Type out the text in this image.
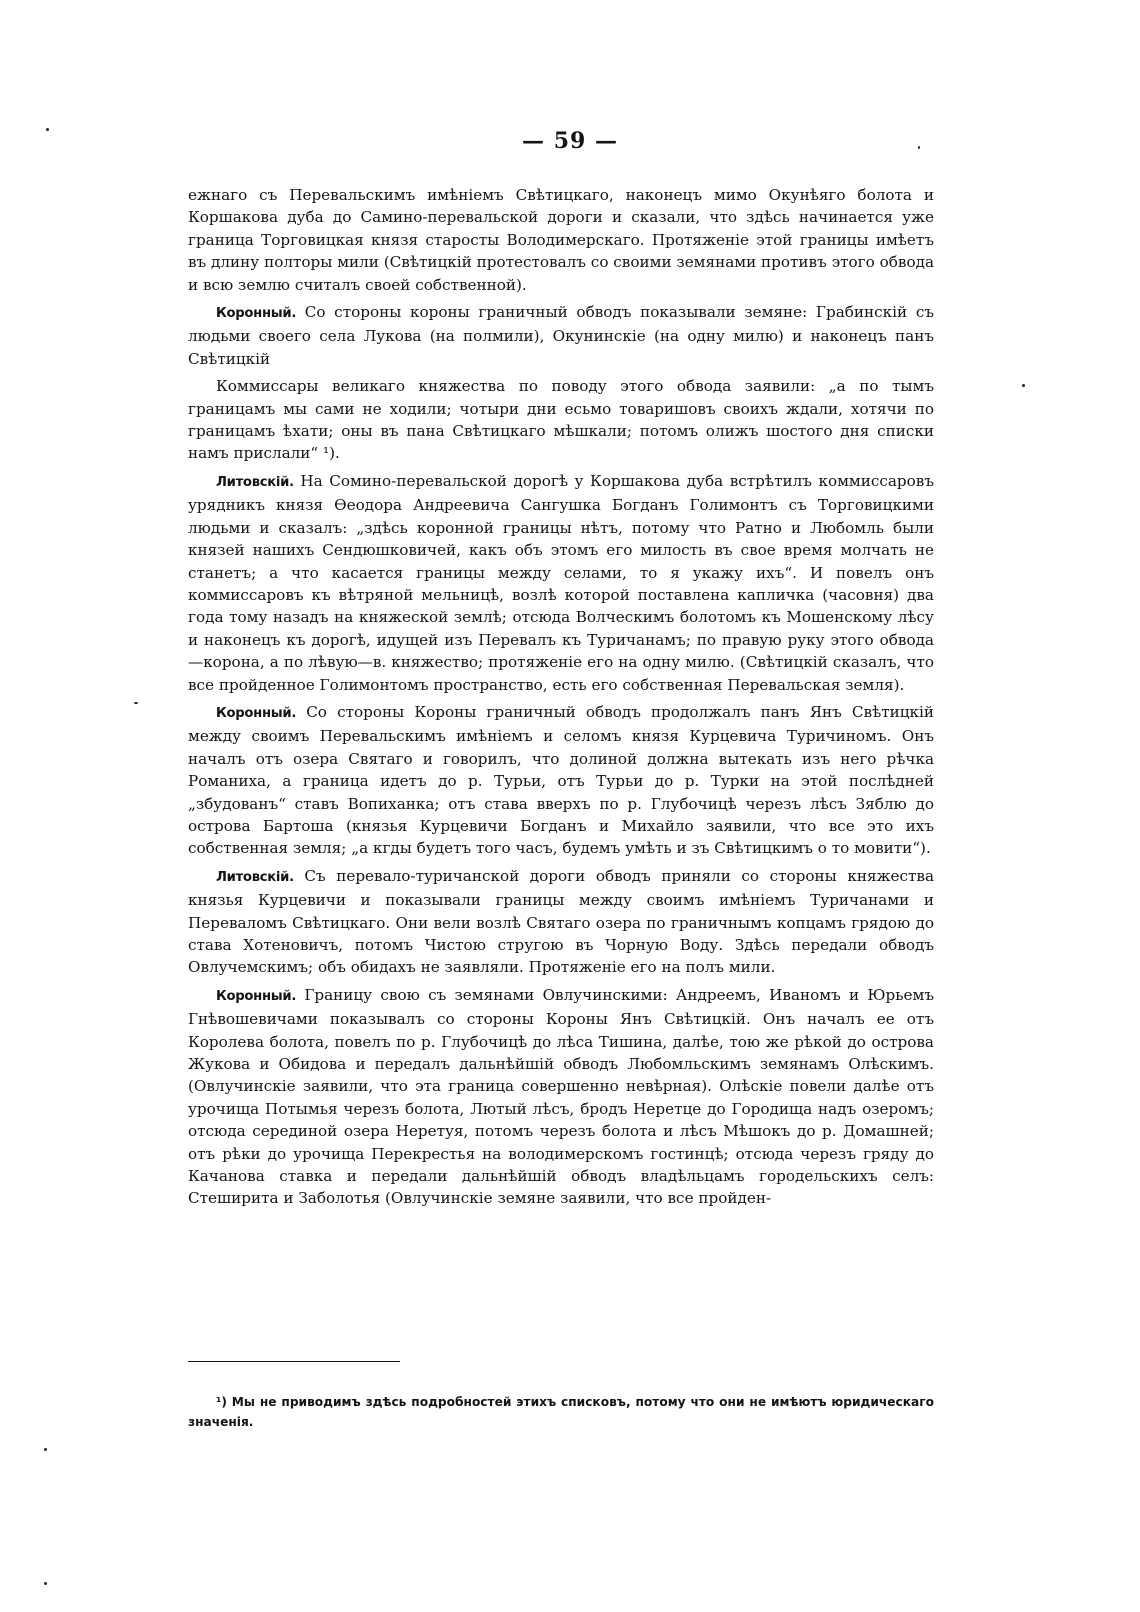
— 59 —

ежнаго съ Перевальскимъ имѣніемъ Свѣтицкаго, наконецъ мимо Окунѣяго болота и Коршакова дуба до Самино-перевальской дороги и сказали, что здѣсь начинается уже граница Торговицкая князя старосты Володимерскаго. Протяженіе этой границы имѣетъ въ длину полторы мили (Свѣтицкій протестовалъ со своими земянами противъ этого обвода и всю землю считалъ своей собственной).

Коронный. Со стороны короны граничный обводъ показывали земяне: Грабинскій съ людьми своего села Лукова (на полмили), Окунинскіе (на одну милю) и наконецъ панъ Свѣтицкій

Коммиссары великаго княжества по поводу этого обвода заявили: „а по тымъ границамъ мы сами не ходили; чотыри дни есьмо товаришовъ своихъ ждали, хотячи по границамъ ѣхати; оны въ пана Свѣтицкаго мѣшкали; потомъ олижъ шостого дня списки намъ прислали“ ¹).

Литовскій. На Сомино-перевальской дорогѣ у Коршакова дуба встрѣтилъ коммиссаровъ урядникъ князя Ѳеодора Андреевича Сангушка Богданъ Голимонтъ съ Торговицкими людьми и сказалъ: „здѣсь коронной границы нѣтъ, потому что Ратно и Любомль были князей нашихъ Сендюшковичей, какъ объ этомъ его милость въ свое время молчать не станетъ; а что касается границы между селами, то я укажу ихъ“. И повелъ онъ коммиссаровъ къ вѣтряной мельницѣ, возлѣ которой поставлена капличка (часовня) два года тому назадъ на княжеской землѣ; отсюда Волческимъ болотомъ къ Мошенскому лѣсу и наконецъ къ дорогѣ, идущей изъ Перевалъ къ Туричанамъ; по правую руку этого обвода—корона, а по лѣвую—в. княжество; протяженіе его на одну милю. (Свѣтицкій сказалъ, что все пройденное Голимонтомъ пространство, есть его собственная Перевальская земля).

Коронный. Со стороны Короны граничный обводъ продолжалъ панъ Янъ Свѣтицкій между своимъ Перевальскимъ имѣніемъ и селомъ князя Курцевича Туричиномъ. Онъ началъ отъ озера Святаго и говорилъ, что долиной должна вытекать изъ него рѣчка Романиха, а граница идетъ до р. Турьи, отъ Турьи до р. Турки на этой послѣдней „збудованъ“ ставъ Вопиханка; отъ става вверхъ по р. Глубочицѣ черезъ лѣсъ Зяблю до острова Бартоша (князья Курцевичи Богданъ и Михайло заявили, что все это ихъ собственная земля; „а кгды будетъ того часъ, будемъ умѣть и зъ Свѣтицкимъ о то мовити“).

Литовскій. Съ перевало-туричанской дороги обводъ приняли со стороны княжества князья Курцевичи и показывали границы между своимъ имѣніемъ Туричанами и Переваломъ Свѣтицкаго. Они вели возлѣ Святаго озера по граничнымъ копцамъ грядою до става Хотеновичъ, потомъ Чистою стругою въ Чорную Воду. Здѣсь передали обводъ Овлучемскимъ; объ обидахъ не заявляли. Протяженіе его на полъ мили.

Коронный. Границу свою съ земянами Овлучинскими: Андреемъ, Иваномъ и Юрьемъ Гнѣвошевичами показывалъ со стороны Короны Янъ Свѣтицкій. Онъ началъ ее отъ Королева болота, повелъ по р. Глубочицѣ до лѣса Тишина, далѣе, тою же рѣкой до острова Жукова и Обидова и передалъ дальнѣйшій обводъ Любомльскимъ земянамъ Олѣскимъ. (Овлучинскіе заявили, что эта граница совершенно невѣрная). Олѣскіе повели далѣе отъ урочища Потымья черезъ болота, Лютый лѣсъ, бродъ Неретце до Городища надъ озеромъ; отсюда серединой озера Неретуя, потомъ черезъ болота и лѣсъ Мѣшокъ до р. Домашней; отъ рѣки до урочища Перекрестья на володимерскомъ гостинцѣ; отсюда черезъ гряду до Качанова ставка и передали дальнѣйшій обводъ владѣльцамъ городельскихъ селъ: Стеширита и Заболотья (Овлучинскіе земяне заявили, что все пройден-

¹) Мы не приводимъ здѣсь подробностей этихъ списковъ, потому что они не имѣютъ юридическаго значенія.
